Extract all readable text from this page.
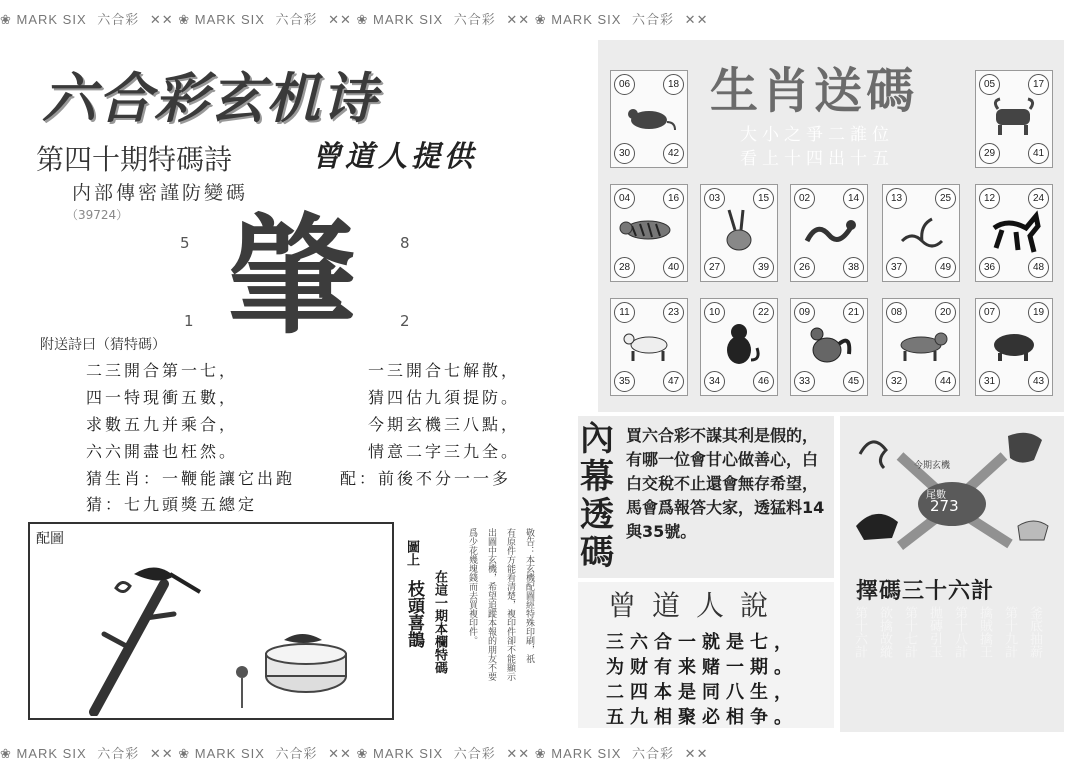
❀ MARK SIX 六合彩 ✕✕ ❀ MARK SIX 六合彩 ✕✕ ❀ MARK SIX 六合彩 ✕✕ ❀ MARK SIX 六合彩 ✕✕
❀ MARK SIX 六合彩 ✕✕ ❀ MARK SIX 六合彩 ✕✕ ❀ MARK SIX 六合彩 ✕✕ ❀ MARK SIX 六合彩 ✕✕
六合彩玄机诗
第四十期特碼詩	曾道人提供
内部傳密謹防變碼
（39724）
5	8
1	2
肇
附送詩曰（猜特碼）
二三開合第一七，
四一特現衝五數，
求數五九并乘合，
六六開盡也枉然。
一三開合七解散，
猜四估九須提防。
今期玄機三八點，
情意二字三九全。
猜生肖：一鞭能讓它出跑	配：前後不分一一多
猜：七九頭獎五總定
配圖
圖上
枝頭喜鵲 在這一期本欄特碼	敬告：本玄機配圖經特殊印刷，祇
有原件方能看清楚，複印件卻不能顯示
出圖中玄機，希望追蹤本報的朋友不要
爲少花幾塊錢而去買複印件。
生肖送碼
大小之爭二誰位
看上十四出十五
06	18
30	42
05	17
29	41
04	16
28	40
03	15
27	39
02	14
26	38
13	25
37	49
12	24
36	48
11	23
35	47
10	22
34	46
09	21
33	45
08	20
32	44
07	19
31	43
內幕透碼
買六合彩不謀其利是假的，有哪一位會甘心做善心，白白交稅不止還會無存希望，馬會爲報答大家，透猛料14與35號。
曾道人說
三六合一就是七，
为财有来赌一期。
二四本是同八生，
五九相聚必相争。
今期玄機
尾數
273
擇碼三十六計
第十六計 欲擒故縱 第十七計 拋磚引玉 第十八計 擒賊擒王 第十九計 釜底抽薪
